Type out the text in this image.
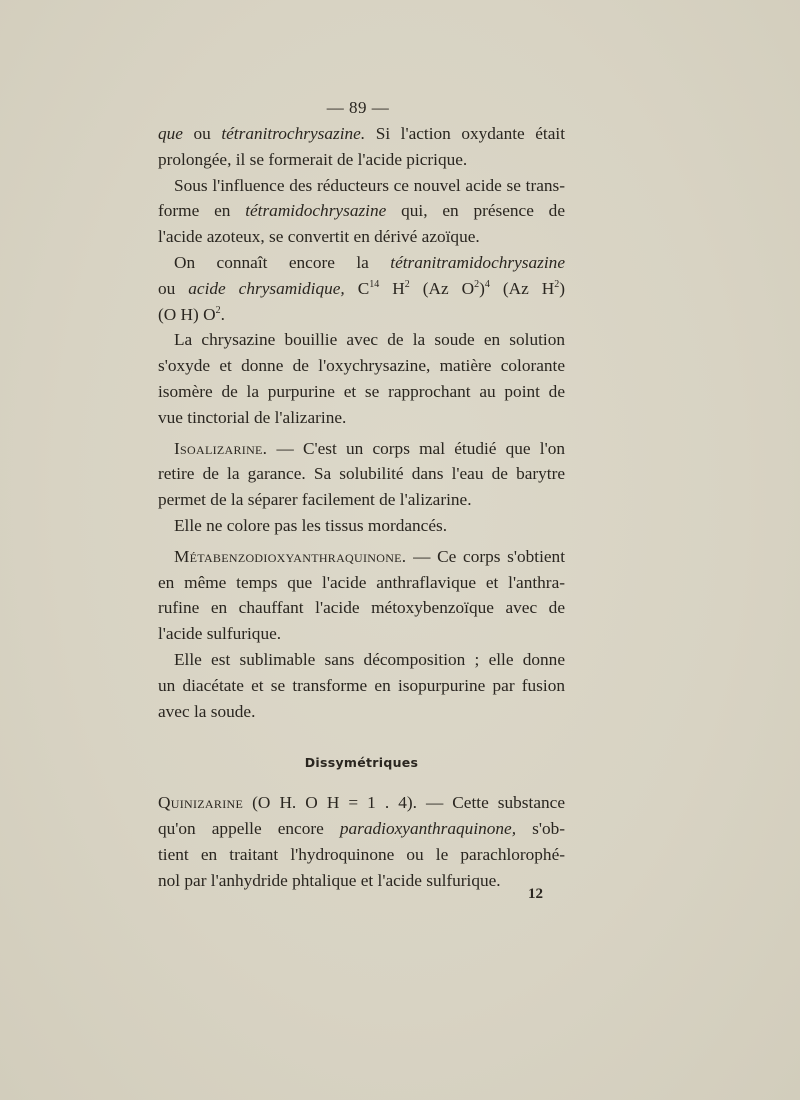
— 89 —

que ou tétranitrochrysazine. Si l'action oxydante était
prolongée, il se formerait de l'acide picrique.

Sous l'influence des réducteurs ce nouvel acide se trans-
forme en tétramidochrysazine qui, en présence de
l'acide azoteux, se convertit en dérivé azoïque.

On connaît encore la tétranitramidochrysazine
ou acide chrysamidique, $C^{14}$ $H^2$ (Az $O^2)^4$ (Az $H^2$)
(O H) $O^2$.

La chrysazine bouillie avec de la soude en solution
s'oxyde et donne de l'oxychrysazine, matière colorante
isomère de la purpurine et se rapprochant au point de
vue tinctorial de l'alizarine.

Isoalizarine. — C'est un corps mal étudié que l'on
retire de la garance. Sa solubilité dans l'eau de barytre
permet de la séparer facilement de l'alizarine.

Elle ne colore pas les tissus mordancés.

Métabenzodioxyanthraquinone. — Ce corps s'obtient
en même temps que l'acide anthraflavique et l'anthra-
rufine en chauffant l'acide métoxybenzoïque avec de
l'acide sulfurique.

Elle est sublimable sans décomposition ; elle donne
un diacétate et se transforme en isopurpurine par fusion
avec la soude.

Dissymétriques

Quinizarine (O H. O H = 1 . 4). — Cette substance
qu'on appelle encore paradioxyanthraquinone, s'ob-
tient en traitant l'hydroquinone ou le parachlorophé-
nol par l'anhydride phtalique et l'acide sulfurique.

12
